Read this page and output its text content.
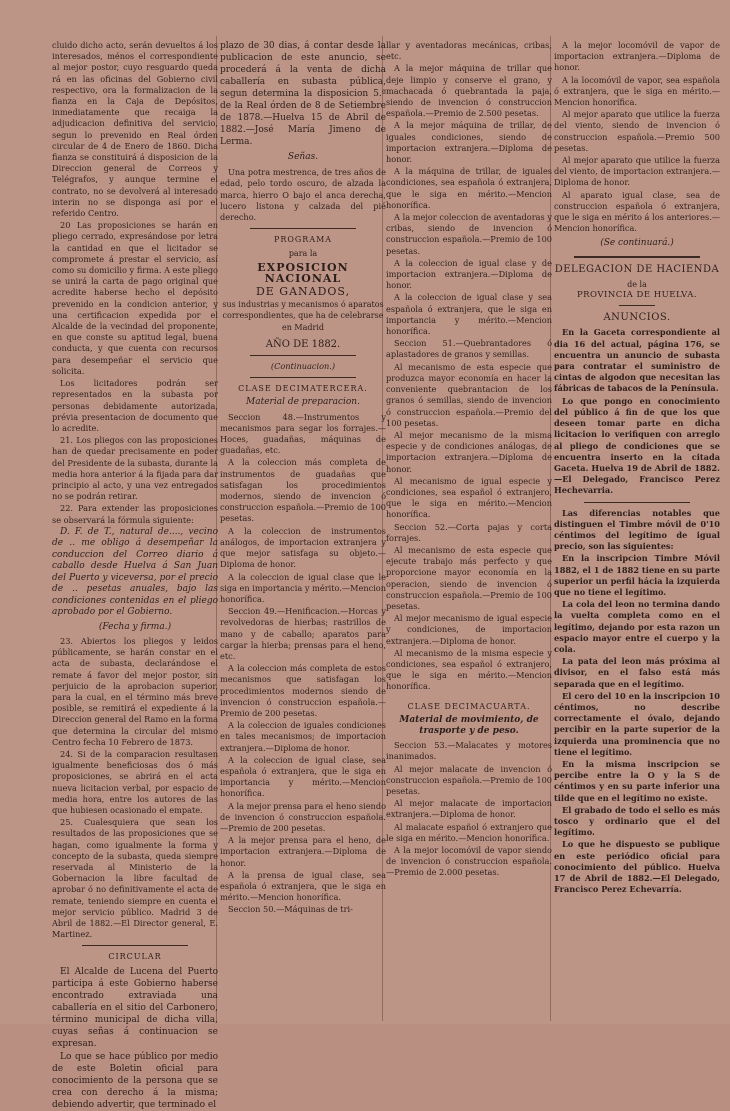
cluido dicho acto, serán devueltos á los interesados, ménos el correspondiente al mejor postor, cuyo resguardo queda rá en las oficinas del Gobierno civil respectivo, ora la formalizacion de la fianza en la Caja de Depósitos, inmediatamente que recaiga la adjudicacion definitiva del servicio, segun lo prevenido en Real órden circular de 4 de Enero de 1860. Dicha fianza se constituirá á disposicion de la Direccion general de Correos y Telégrafos, y aunque termine el contrato, no se devolverá al interesado interin no se disponga así por el referido Centro.

20 Las proposiciones se harán en pliego cerrado, expresándose por letra la cantidad en que el licitador se compromete á prestar el servicio, así como su domicilio y firma. A este pliego se unirá la carta de pago original que acredite haberse hecho el depósito prevenido en la condicion anterior, y una certificacion expedida por el Alcalde de la vecindad del proponente, en que conste su aptitud legal, buena conducta, y que cuenta con recursos para desempeñar el servicio que solicita.

Los licitadores podrán ser representados en la subasta por personas debidamente autorizada, prévia presentacion de documento que lo acredite.

21. Los pliegos con las proposiciones han de quedar precisamente en poder del Presidente de la subasta, durante la media hora anterior á la fijada para dar principio al acto, y una vez entregados no se podrán retirar.

22. Para extender las proposiciones se observará la fórmula siguiente:

D. F. de T., natural de...., vecino de .. me obligo á desempeñar la conduccion del Correo diario á caballo desde Huelva á San Juan del Puerto y viceversa, por el precio de .. pesetas anuales, bajo las condiciones contenidas en el pliego aprobado por el Gobierno.

(Fecha y firma.)

23. Abiertos los pliegos y leidos públicamente, se harán constar en el acta de subasta, declarándose el remate á favor del mejor postor, sin perjuicio de la aprobacion superior, para la cual, en el término más breve posible, se remitirá el expediente á la Direccion general del Ramo en la forma que determina la circular del mismo Centro fecha 10 Febrero de 1873.

24. Si de la comparacion resultasen igualmente beneficiosas dos ó más proposiciones, se abrirá en el acta nueva licitacion verbal, por espacio de media hora, entre los autores de las que hubiesen ocasionado el empate.

25. Cualesquiera que sean los resultados de las proposiciones que se hagan, como igualmente la forma y concepto de la subasta, queda siempre reservada al Ministerio de la Gobernacion la libre facultad de aprobar ó no definitivamente el acta de remate, teniendo siempre en cuenta el mejor servicio público. Madrid 3 de Abril de 1882.—El Director general, E. Martinez.

CIRCULAR

El Alcalde de Lucena del Puerto participa á este Gobierno haberse encontrado extraviada una caballería en el sitio del Carbonero, término municipal de dicha villa, cuyas señas á continuacion se expresan.

Lo que se hace público por medio de este Boletin oficial para conocimiento de la persona que se crea con derecho á la misma; debiendo advertir, que terminado el

plazo de 30 dias, á contar desde la publicacion de este anuncio, se procederá á la venta de dicha caballería en subasta pública, segun determina la disposicion 5.ª de la Real órden de 8 de Setiembre de 1878.—Huelva 15 de Abril de 1882.—José María Jimeno de Lerma.

Señas.

Una potra mestrenca, de tres años de edad, pelo tordo oscuro, de alzada la marca, hierro O bajo el anca derecha, lucero listona y calzada del pié derecho.

PROGRAMA
para la
EXPOSICION NACIONAL
DE GANADOS,
sus industrias y mecanismos ó aparatos correspondientes, que ha de celebrarse en Madrid
AÑO DE 1882.
(Continuacion.)
CLASE DECIMATERCERA.
Material de preparacion.

Seccion 48.—Instrumentos y mecanismos para segar los forrajes.—Hoces, guadañas, máquinas de guadañas, etc.

A la coleccion más completa de instrumentos de guadañas que satisfagan los procedimientos modernos, siendo de invencion ó construccion española.—Premio de 100 pesetas.

A la coleccion de instrumentos análogos, de importacion extranjera y que mejor satisfaga su objeto.—Diploma de honor.

A la coleccion de igual clase que le siga en importancia y mérito.—Mencion honorífica.

Seccion 49.—Henificacion.—Horcas y revolvedoras de hierbas; rastrillos de mano y de caballo; aparatos para cargar la hierba; prensas para el heno, etc.

A la coleccion más completa de estos mecanismos que satisfagan los procedimientos modernos siendo de invencion ó construccion española.—Premio de 200 pesetas.

A la coleccion de iguales condiciones en tales mecanismos; de importacion extranjera.—Diploma de honor.

A la coleccion de igual clase, sea española ó extranjera, que le siga en importancia y mérito.—Mencion honorífica.

A la mejor prensa para el heno siendo de invencion ó construccion española.—Premio de 200 pesetas.

A la mejor prensa para el heno, de importacion extranjera.—Diploma de honor.

A la prensa de igual clase, sea española ó extranjera, que le siga en mérito.—Mencion honorífica.

Seccion 50.—Máquinas de tri-

llar y aventadoras mecánicas, cribas, etc.

A la mejor máquina de trillar que deje limpio y conserve el grano, y machacada ó quebrantada la paja, siendo de invencion ó construccion española.—Premio de 2.500 pesetas.

A la mejor máquina de trillar, de iguales condiciones, siendo de importacion extranjera.—Diploma de honor.

A la máquina de trillar, de iguales condiciones, sea española ó extranjera, que le siga en mérito.—Mencion honorífica.

A la mejor coleccion de aventadoras y cribas, siendo de invencion ó construccion española.—Premio de 100 pesetas.

A la coleccion de igual clase y de importacion extranjera.—Diploma de honor.

A la coleccion de igual clase y sea española ó extranjera, que le siga en importancia y mérito.—Mencion honorífica.

Seccion 51.—Quebrantadores ó aplastadores de granos y semillas.

Al mecanismo de esta especie que produzca mayor economía en hacer la conveniente quebrantacion de los granos ó semillas, siendo de invencion ó construccion española.—Premio del 100 pesetas.

Al mejor mecanismo de la misma especie y de condiciones análogas, de importacion extranjera.—Diploma de honor.

Al mecanismo de igual especie y condiciones, sea español ó extranjero, que le siga en mérito.—Mencion honorífica.

Seccion 52.—Corta pajas y corta forrajes.

Al mecanismo de esta especie que ejecute trabajo más perfecto y que proporcione mayor economía en la operacion, siendo de invencion ó construccion española.—Premio de 100 pesetas.

Al mejor mecanismo de igual especie y condiciones, de importacion extranjera.—Diploma de honor.

Al mecanismo de la misma especie y condiciones, sea español ó extranjero, que le siga en mérito.—Mencion honorífica.

CLASE DECIMACUARTA.
Material de movimiento, de trasporte y de peso.

Seccion 53.—Malacates y motores inanimados.

Al mejor malacate de invencion ó construccion española.—Premio de 100 pesetas.

Al mejor malacate de importacion extranjera.—Diploma de honor.

Al malacate español ó extranjero que le siga en mérito.—Mencion honorífica.

A la mejor locomóvil de vapor siendo de invencion ó construccion española.—Premio de 2.000 pesetas.

A la mejor locomóvil de vapor de importacion extranjera.—Diploma de honor.

A la locomóvil de vapor, sea española ó extranjera, que le siga en mérito.—Mencion honorífica.

Al mejor aparato que utilice la fuerza del viento, siendo de invencion ó construccion española.—Premio 500 pesetas.

Al mejor aparato que utilice la fuerza del viento, de importacion extranjera.—Diploma de honor.

Al aparato igual clase, sea de construccion española ó extranjera, que le siga en mérito á los anteriores.—Mencion honorífica.

(Se continuará.)
DELEGACION DE HACIENDA
de la
PROVINCIA DE HUELVA.
ANUNCIOS.

En la Gaceta correspondiente al dia 16 del actual, página 176, se encuentra un anuncio de subasta para contratar el suministro de cintas de algodon que necesitan las fábricas de tabacos de la Península.

Lo que pongo en conocimiento del público á fin de que los que deseen tomar parte en dicha licitacion lo verifiquen con arreglo al pliego de condiciones que se encuentra inserto en la citada Gaceta. Huelva 19 de Abril de 1882.—El Delegado, Francisco Perez Hechevarria.

Las diferencias notables que distinguen el Timbre móvil de 0'10 céntimos del legítimo de igual precio, son las siguientes:

En la inscripcion Timbre Móvil 1882, el 1 de 1882 tiene en su parte superior un perfil hácia la izquierda que no tiene el legítimo.

La cola del leon no termina dando la vuelta completa como en el legítimo, dejando por esta razon un espacio mayor entre el cuerpo y la cola.

La pata del leon más próxima al divisor, en el falso está más separada que en el legítimo.

El cero del 10 en la inscripcion 10 céntimos, no describe correctamente el óvalo, dejando percibir en la parte superior de la izquierda una prominencia que no tiene el legítimo.

En la misma inscripcion se percibe entre la O y la S de céntimos y en su parte inferior una tilde que en el legítimo no existe.

El grabado de todo el sello es más tosco y ordinario que el del legítimo.

Lo que he dispuesto se publique en este periódico oficial para conocimiento del público. Huelva 17 de Abril de 1882.—El Delegado, Francisco Perez Echevarría.
